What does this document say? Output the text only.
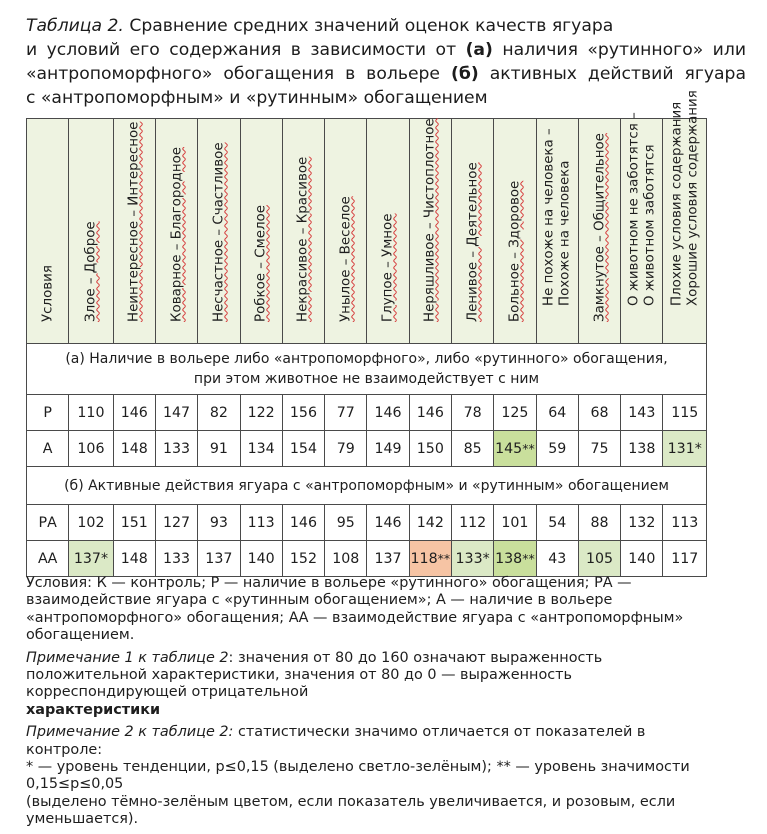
Таблица 2. Сравнение средних значений оценок качеств ягуара
и условий его содержания в зависимости от (а) наличия «рутинного» или
«антропоморфного» обогащения в вольере (б) активных действий ягуара
с «антропоморфным» и «рутинным» обогащением
Условия	Злое – Доброе	Неинтересное – Интересное	Коварное – Благородное	Несчастное – Счастливое	Робкое – Смелое	Некрасивое – Красивое	Унылое – Веселое	Глупое – Умное	Неряшливое – Чистоплотное	Ленивое – Деятельное	Больное – Здоровое	Не похоже на человека – Похоже на человека	Замкнутое – Общительное	О животном не заботятся – О животном заботятся	Плохие условия содержания Хорошие условия содержания

(а) Наличие в вольере либо «антропоморфного», либо «рутинного» обогащения,
при этом животное не взаимодействует с ним															

Р	110	146	147	82	122	156	77	146	146	78	125	64	68	143	115
А	106	148	133	91	134	154	79	149	150	85	145**	59	75	138	131*

(б) Активные действия ягуара с «антропоморфным» и «рутинным» обогащением															

РА	102	151	127	93	113	146	95	146	142	112	101	54	88	132	113
АА	137*	148	133	137	140	152	108	137	118**	133*	138**	43	105	140	117

Условия: К — контроль; Р — наличие в вольере «рутинного» обогащения; РА — взаимодействие ягуара с «рутинным обогащением»; А — наличие в вольере «антропоморфного» обогащения; АА — взаимодействие ягуара с «антропоморфным» обогащением.

Примечание 1 к таблице 2: значения от 80 до 160 означают выраженность положительной характеристики, значения от 80 до 0 — выраженность корреспондирующей отрицательной
характеристики

Примечание 2 к таблице 2: статистически значимо отличается от показателей в контроле:
* — уровень тенденции, p≤0,15 (выделено светло-зелёным); ** — уровень значимости 0,15≤p≤0,05
(выделено тёмно-зелёным цветом, если показатель увеличивается, и розовым, если уменьшается).
